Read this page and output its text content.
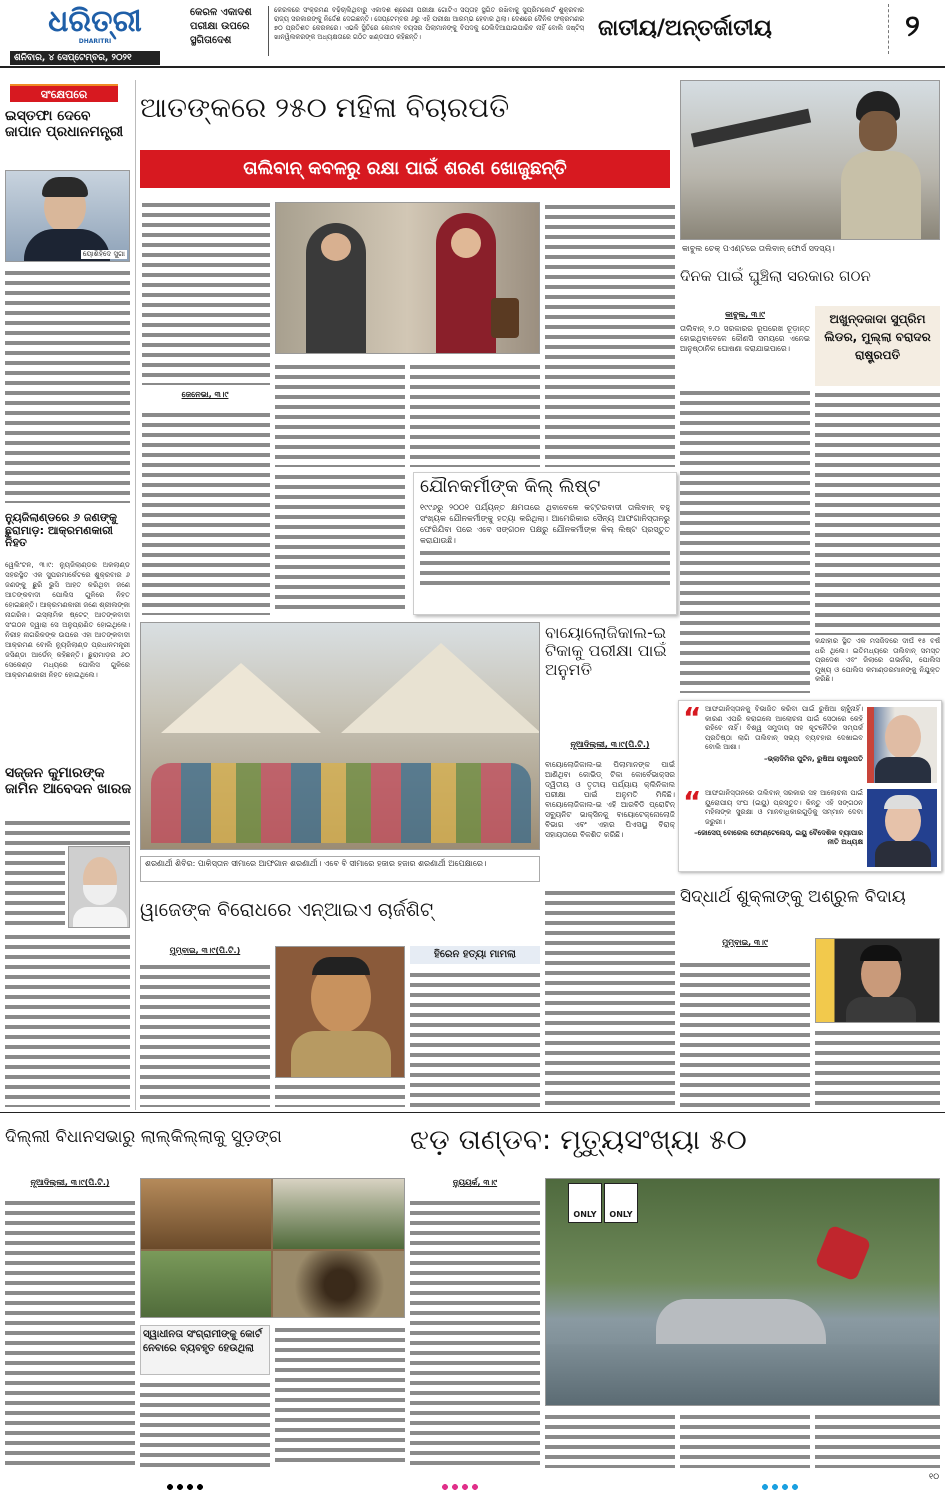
ଧରିତ୍ରୀ
DHARITRI
ଶନିବାର, ୪ ସେପ୍ଟେମ୍ବର, ୨୦୨୧
କେରଳ ଏକାଦଶ ପରୀକ୍ଷା ଉପରେ ସ୍ଥଗିତାଦେଶ
କେରଳରେ ସଂକ୍ରମଣ ବଢ଼ିଚାଲିଥିବାରୁ ଏକାଦଶ ଶ୍ରେଣୀ ପରୀକ୍ଷା ଗୋଟିଏ ସପ୍ତାହ ସ୍ଥଗିତ ରଖିବାକୁ ସୁପ୍ରିମକୋର୍ଟ ଶୁକ୍ରବାର ରାଜ୍ୟ ସରକାରଙ୍କୁ ନିର୍ଦ୍ଦେଶ ଦେଇଛନ୍ତି। ସେପ୍ଟେମ୍ବର ୬ରୁ ଏହି ପରୀକ୍ଷା ଆରମ୍ଭ ହେବାର ଥିଲା। ଦେଶରେ ଦୈନିକ ସଂକ୍ରମଣର ୭୦ ପ୍ରତିଶତ କେରଳରେ। ଏଭଳି ସ୍ଥିତିରେ କୋମଳ ବୟସର ପିଲାମାନଙ୍କୁ ବିପଦକୁ ଠେଲିଦିଆଯାଇପାରିବ ନାହିଁ ବୋଲି ଜଷ୍ଟିସ୍ ଖାନୱିଲକରଙ୍କ ଅଧ୍ୟକ୍ଷତାରେ ଗଠିତ ଖଣ୍ଡପୀଠ କହିଛନ୍ତି।	ଜାତୀୟ/ଅନ୍ତର୍ଜାତୀୟ	୨
ସଂକ୍ଷେପରେ
ଇସ୍ତଫା ଦେବେ ଜାପାନ ପ୍ରଧାନମନ୍ତ୍ରୀ
ୟୋଶିହିଦେ ସୁଗା
ନ୍ୟୁଜିଲାଣ୍ଡରେ ୬ ଜଣଙ୍କୁ ଛୁରାମାଡ଼: ଆକ୍ରମଣକାରୀ ନିହତ
ୱେଲିଂଟନ, ୩।୯: ନ୍ୟୁଜିଲାଣ୍ଡର ଅକଲାଣ୍ଡ ସହରସ୍ଥିତ ଏକ ସୁପରମାର୍କେଟରେ ଶୁକ୍ରବାର ୬ ଜଣଙ୍କୁ ଛୁରି ଭୁସି ଆହତ କରିଥିବା ଜଣେ ଆତଙ୍କବାଦୀ ପୋଲିସ ଗୁଳିରେ ନିହତ ହୋଇଛନ୍ତି। ଆକ୍ରମଣକାରୀ ଜଣେ ଶ୍ରୀଲଙ୍କା ନାଗରିକ। ଇସ୍ଲାମିକ ଷ୍ଟେଟ୍ ଆତଙ୍କବାଦୀ ସଂଗଠନ ଦ୍ୱାରା ସେ ଅନୁପ୍ରାଣିତ ହୋଇଥିଲେ। ନିରୀହ ନାଗରିକଙ୍କ ଉପରେ ଏହା ଆତଙ୍କବାଦୀ ଆକ୍ରମଣ ବୋଲି ନ୍ୟୁଜିଲାଣ୍ଡ ପ୍ରଧାନମନ୍ତ୍ରୀ ଜସିଣ୍ଡା ଆର୍ଡେନ୍ କହିଛନ୍ତି। ଛୁରାମାଡ଼ର ୬୦ ସେକେଣ୍ଡ ମଧ୍ୟରେ ପୋଲିସ ଗୁଳିରେ ଆକ୍ରମଣକାରୀ ନିହତ ହୋଇଥିଲେ।
ସଜ୍ଜନ କୁମାରଙ୍କ ଜାମିନ ଆବେଦନ ଖାରଜ
ଆତଙ୍କରେ ୨୫୦ ମହିଳା ବିଚାରପତି
ତାଲିବାନ୍ କବଳରୁ ରକ୍ଷା ପାଇଁ ଶରଣ ଖୋଜୁଛନ୍ତି
ଜେନେଭା, ୩।୯
ଯୌନକର୍ମୀଙ୍କ କିଲ୍ ଲିଷ୍ଟ
୧୯୯୬ରୁ ୨୦୦୧ ପର୍ଯ୍ୟନ୍ତ କ୍ଷମତାରେ ଥିବାବେଳେ କଟ୍ଟରବାଦୀ ତାଲିବାନ୍ ବହୁ ସଂଖ୍ୟକ ଯୌନକର୍ମୀଙ୍କୁ ହତ୍ୟା କରିଥିଲା। ଆମେରିକାର ସୈନ୍ୟ ଆଫଗାନିସ୍ତାନରୁ ଫେରିଯିବା ପରେ ଏବେ ସଙ୍ଗଠନ ପକ୍ଷରୁ ଯୌନକର୍ମୀଙ୍କ କିଲ୍ ଲିଷ୍ଟ ପ୍ରସ୍ତୁତ କରାଯାଉଛି।
ଶରଣାର୍ଥୀ ଶିବିର: ପାକିସ୍ତାନ ସୀମାରେ ଆଫଗାନ ଶରଣାର୍ଥୀ। ଏବେ ବି ସୀମାରେ ହଜାର ହଜାର ଶରଣାର୍ଥୀ ଅପେକ୍ଷାରେ।
ବାୟୋଲୋଜିକାଲ-ଇ ଟିକାକୁ ପରୀକ୍ଷା ପାଇଁ ଅନୁମତି
ନୂଆଦିଲ୍ଲୀ, ୩।୯(ପି.ଟି.)
ବାୟୋଲୋଜିକାଲ-ଇ ପିଲାମାନଙ୍କ ପାଇଁ ଆଣିଥିବା କୋଭିଡ୍ ଟିକା କୋର୍ବେଭାକ୍ସର ଦ୍ୱିତୀୟ ଓ ତୃତୀୟ ପର୍ଯ୍ୟାୟ କ୍ଲିନିକାଲ ପରୀକ୍ଷା ପାଇଁ ଅନୁମତି ମିଳିଛି। ବାୟୋଲୋଜିକାଲ-ଇ ଏହି ଆରବିଡି ପ୍ରୋଟିନ୍ ସବ୍ୟୁନିଟ ଭାକ୍ସିନକୁ ବାୟୋଟେକ୍ନୋଲୋଜି ବିଭାଗ ଏବଂ ଏହାର ପିଏସୟୁ ବିରାକ୍ ସହାୟତାରେ ବିକଶିତ କରିଛି।
କାବୁଲ ଚେକ୍ ପଏଣ୍ଟରେ ତାଲିବାନ୍ ଫୋର୍ସ ସଦସ୍ୟ।
ଦିନକ ପାଇଁ ଘୁଞ୍ଚିଲା ସରକାର ଗଠନ
କାବୁଲ, ୩।୯
ତାଲିବାନ୍ ୨.୦ ସରକାରର ରୂପରେଖ ଚୂଡ଼ାନ୍ତ ହୋଇଥିବାବେଳେ କୌଣସି ସମୟରେ ଏନେଇ ଆନୁଷ୍ଠାନିକ ଘୋଷଣା କରାଯାଇପାରେ।
ଅଖୁନ୍‌ଦଜାଦା ସୁପ୍ରିମ ଲିଡର, ମୁଲ୍ଲା ବରାଦର ରାଷ୍ଟ୍ରପତି
କନ୍ଦାହାର ସ୍ଥିତ ଏକ ମସଜିଦରେ ଦୀର୍ଘ ୧୫ ବର୍ଷ ଧରି ଥିଲେ। ଇତିମଧ୍ୟରେ ତାଲିବାନ୍ ସମସ୍ତ ପ୍ରଦେଶ ଏବଂ ଜିଲାରେ ଗଭର୍ନର, ପୋଲିସ ମୁଖ୍ୟ ଓ ପୋଲିସ କମାଣ୍ଡରମାନଙ୍କୁ ନିଯୁକ୍ତ କରିଛି।
“ ଆଫଗାନିସ୍ତାନକୁ ବିଭାଜିତ କରିବା ପାଇଁ ରୁଷିଆ ଚାହୁଁନାହିଁ। କାରଣ ଏପରି କରାଗଲେ ଆଲୋଚନା ପାଇଁ ସେଠାରେ କେହି ରହିବେ ନାହିଁ। ବିଶ୍ୱ ସମୁଦାୟ ସହ କୂଟନୈତିକ ସମ୍ପର୍କ ପ୍ରତିଷ୍ଠା ଲାଗି ତାଲିବାନ୍ ସଭ୍ୟ ବ୍ୟବହାର ଦେଖାଇବ ବୋଲି ଆଶା।
–ଭ୍ଲାଦିମିର ପୁଟିନ, ରୁଷିଆ ରାଷ୍ଟ୍ରପତି
“ ଆଫଗାନିସ୍ତାନରେ ତାଲିବାନ୍ ସରକାର ସହ ଆଲୋଚନା ପାଇଁ ୟୁରୋପୀୟ ସଂଘ (ଇୟୁ) ପ୍ରସ୍ତୁତ। କିନ୍ତୁ ଏହି ସଙ୍ଗଠନ ମହିଳାଙ୍କ ସୁରକ୍ଷା ଓ ମାନବାଧିକାରଗୁଡ଼ିକୁ ସମ୍ମାନ ଦେବା ଜରୁରୀ।
–ଜୋସେପ୍ ବୋରେଲ ଫୋଣ୍ଟେଲେସ୍, ଇୟୁ ବୈଦେଶିକ ବ୍ୟାପାର ନୀତି ଅଧ୍ୟକ୍ଷ
ୱାଜେଙ୍କ ବିରୋଧରେ ଏନ୍ଆଇଏ ଚାର୍ଜଶିଟ୍
ମୁମ୍ବାଇ, ୩।୯(ପି.ଟି.)	ହିରେନ ହତ୍ୟା ମାମଲା
ସିଦ୍ଧାର୍ଥ ଶୁକ୍ଳାଙ୍କୁ ଅଶ୍ରୁଳ ବିଦାୟ
ମୁମ୍ବାଇ, ୩।୯
ଦିଲ୍ଲୀ ବିଧାନସଭାରୁ ଲାଲ୍‌କିଲ୍ଲାକୁ ସୁଡ଼ଙ୍ଗ
ନୂଆଦିଲ୍ଲୀ, ୩।୯(ପି.ଟି.)
ସ୍ୱାଧୀନତା ସଂଗ୍ରାମୀଙ୍କୁ କୋର୍ଟ ନେବାରେ ବ୍ୟବହୃତ ହେଉଥିଲା
ଝଡ଼ ତାଣ୍ଡବ: ମୃତ୍ୟୁସଂଖ୍ୟା ୫୦
ନ୍ୟୁୟର୍କ, ୩।୯
ONLY	ONLY
୧୦
